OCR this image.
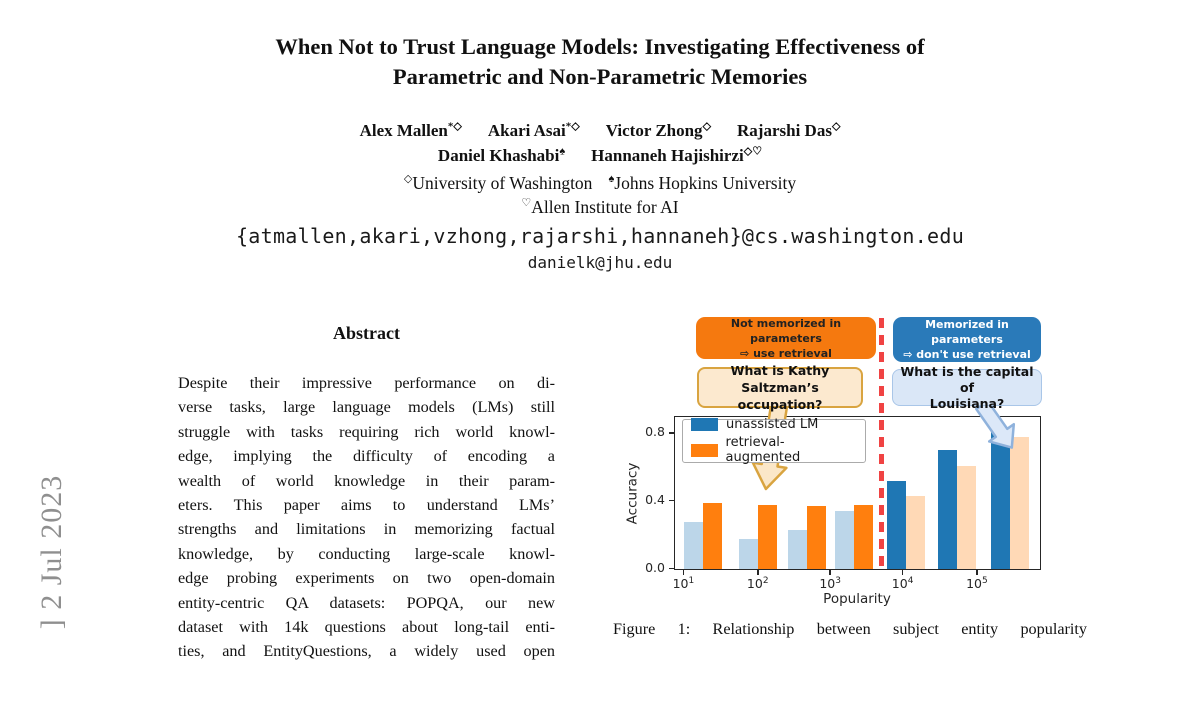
] 2 Jul 2023
When Not to Trust Language Models: Investigating Effectiveness of
Parametric and Non-Parametric Memories
Alex Mallen*◇ Akari Asai*◇ Victor Zhong◇ Rajarshi Das◇
Daniel Khashabi♠ Hannaneh Hajishirzi◇♡
◇University of Washington ♠Johns Hopkins University
♡Allen Institute for AI
{atmallen,akari,vzhong,rajarshi,hannaneh}@cs.washington.edu
danielk@jhu.edu
Abstract
Despite their impressive performance on di-
verse tasks, large language models (LMs) still
struggle with tasks requiring rich world knowl-
edge, implying the difficulty of encoding a
wealth of world knowledge in their param-
eters. This paper aims to understand LMs’
strengths and limitations in memorizing factual
knowledge, by conducting large-scale knowl-
edge probing experiments on two open-domain
entity-centric QA datasets: POPQA, our new
dataset with 14k questions about long-tail enti-
ties, and EntityQuestions, a widely used open
Not memorized in parameters
⇨ use retrieval
Memorized in parameters
⇨ don't use retrieval
What is Kathy
Saltzman’s occupation?
What is the capital of
Louisiana?
unassisted LM
retrieval-augmented
Accuracy
Popularity
Figure 1: Relationship between subject entity popularity
$10^1$	$10^2$	$10^3$	$10^4$	$10^5$
0.0
0.4
0.8
